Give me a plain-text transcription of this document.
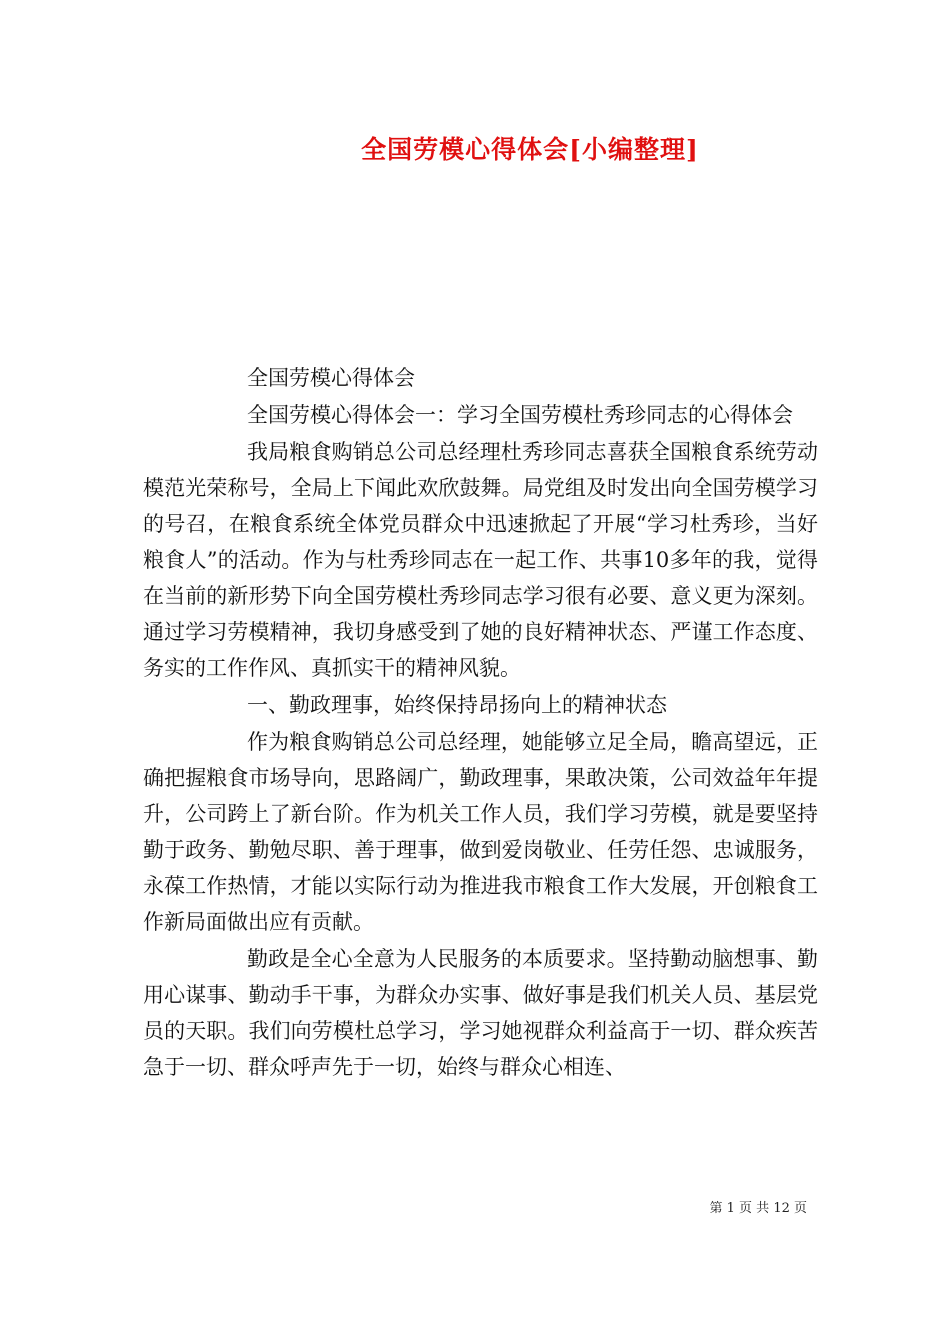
全国劳模心得体会[小编整理]

全国劳模心得体会

全国劳模心得体会一：学习全国劳模杜秀珍同志的心得体会

我局粮食购销总公司总经理杜秀珍同志喜获全国粮食系统劳动模范光荣称号，全局上下闻此欢欣鼓舞。局党组及时发出向全国劳模学习的号召，在粮食系统全体党员群众中迅速掀起了开展“学习杜秀珍，当好粮食人”的活动。作为与杜秀珍同志在一起工作、共事10多年的我，觉得在当前的新形势下向全国劳模杜秀珍同志学习很有必要、意义更为深刻。通过学习劳模精神，我切身感受到了她的良好精神状态、严谨工作态度、务实的工作作风、真抓实干的精神风貌。

一、勤政理事，始终保持昂扬向上的精神状态

作为粮食购销总公司总经理，她能够立足全局，瞻高望远，正确把握粮食市场导向，思路阔广，勤政理事，果敢决策，公司效益年年提升，公司跨上了新台阶。作为机关工作人员，我们学习劳模，就是要坚持勤于政务、勤勉尽职、善于理事，做到爱岗敬业、任劳任怨、忠诚服务，永葆工作热情，才能以实际行动为推进我市粮食工作大发展，开创粮食工作新局面做出应有贡献。

勤政是全心全意为人民服务的本质要求。坚持勤动脑想事、勤用心谋事、勤动手干事，为群众办实事、做好事是我们机关人员、基层党员的天职。我们向劳模杜总学习，学习她视群众利益高于一切、群众疾苦急于一切、群众呼声先于一切，始终与群众心相连、

第 1 页 共 12 页
